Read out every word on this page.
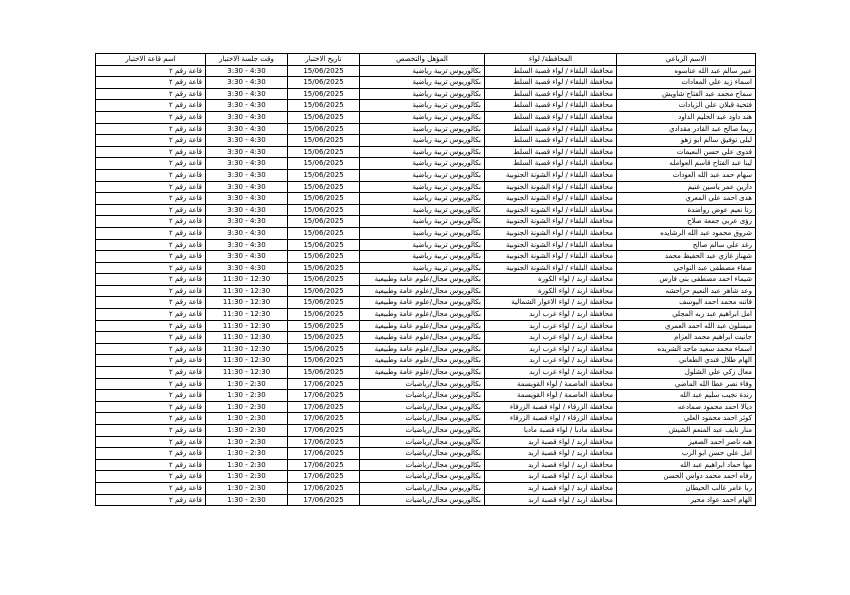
اسم قاعة الاختبار	وقت جلسة الاختبار	تاريخ الاختبار	المؤهل والتخصص	المحافظة/ لواء	الاسم الرباعي
قاعة رقم ٢	3:30 - 4:30	15/06/2025	بكالوريوس تربية رياضية	محافظة البلقاء / لواء قصبة السلط	عبير سالم عبد الله عناسوه
قاعة رقم ٢	3:30 - 4:30	15/06/2025	بكالوريوس تربية رياضية	محافظة البلقاء / لواء قصبة السلط	اسماء زيد علي المعادات
قاعة رقم ٢	3:30 - 4:30	15/06/2025	بكالوريوس تربية رياضية	محافظة البلقاء / لواء قصبة السلط	سماح محمد عبد الفتاح شاويش
قاعة رقم ٢	3:30 - 4:30	15/06/2025	بكالوريوس تربية رياضية	محافظة البلقاء / لواء قصبة السلط	فتحية قبلان علي الزيادات
قاعة رقم ٢	3:30 - 4:30	15/06/2025	بكالوريوس تربية رياضية	محافظة البلقاء / لواء قصبة السلط	هند داود عبد الحليم الداود
قاعة رقم ٢	3:30 - 4:30	15/06/2025	بكالوريوس تربية رياضية	محافظة البلقاء / لواء قصبة السلط	ريما صالح عبد القادر مقدادي
قاعة رقم ٢	3:30 - 4:30	15/06/2025	بكالوريوس تربية رياضية	محافظة البلقاء / لواء قصبة السلط	ليلى توفيق سالم ابو زهو
قاعة رقم ٢	3:30 - 4:30	15/06/2025	بكالوريوس تربية رياضية	محافظة البلقاء / لواء قصبة السلط	فدوى علي حسن النعيمات
قاعة رقم ٢	3:30 - 4:30	15/06/2025	بكالوريوس تربية رياضية	محافظة البلقاء / لواء قصبة السلط	لينا عبد الفتاح قاسم العوامله
قاعة رقم ٢	3:30 - 4:30	15/06/2025	بكالوريوس تربية رياضية	محافظة البلقاء / لواء الشونة الجنوبية	سهام حمد عبد الله العودات
قاعة رقم ٢	3:30 - 4:30	15/06/2025	بكالوريوس تربية رياضية	محافظة البلقاء / لواء الشونة الجنوبية	دارين عمر ياسين غنيم
قاعة رقم ٢	3:30 - 4:30	15/06/2025	بكالوريوس تربية رياضية	محافظة البلقاء / لواء الشونة الجنوبية	هدى احمد علي المعري
قاعة رقم ٢	3:30 - 4:30	15/06/2025	بكالوريوس تربية رياضية	محافظة البلقاء / لواء الشونة الجنوبية	رنا نعيم عوض رواضدة
قاعة رقم ٢	3:30 - 4:30	15/06/2025	بكالوريوس تربية رياضية	محافظة البلقاء / لواء الشونة الجنوبية	رؤى عربي جمعة صلاح
قاعة رقم ٢	3:30 - 4:30	15/06/2025	بكالوريوس تربية رياضية	محافظة البلقاء / لواء الشونة الجنوبية	شروق محمود عبد الله الرشايده
قاعة رقم ٢	3:30 - 4:30	15/06/2025	بكالوريوس تربية رياضية	محافظة البلقاء / لواء الشونة الجنوبية	رغد علي سالم صالح
قاعة رقم ٢	3:30 - 4:30	15/06/2025	بكالوريوس تربية رياضية	محافظة البلقاء / لواء الشونة الجنوبية	شهناز غازي عبد الحفيظ محمد
قاعة رقم ٢	3:30 - 4:30	15/06/2025	بكالوريوس تربية رياضية	محافظة البلقاء / لواء الشونة الجنوبية	صفاء مصطفى عبد النواجي
قاعة رقم ٢	11:30 - 12:30	15/06/2025	بكالوريوس مجال/علوم عامة وطبيعية	محافظة اربد / لواء الكورة	شيماء احمد مصطفى بني فارس
قاعة رقم ٢	11:30 - 12:30	15/06/2025	بكالوريوس مجال/علوم عامة وطبيعية	محافظة اربد / لواء الكورة	وعد شاهر عبد النعيم حراحشه
قاعة رقم ٢	11:30 - 12:30	15/06/2025	بكالوريوس مجال/علوم عامة وطبيعية	محافظة اربد / لواء الاغوار الشمالية	فاتنه محمد احمد اليوسف
قاعة رقم ٢	11:30 - 12:30	15/06/2025	بكالوريوس مجال/علوم عامة وطبيعية	محافظة اربد / لواء غرب اربد	امل ابراهيم عبد ربه المجلي
قاعة رقم ٢	11:30 - 12:30	15/06/2025	بكالوريوس مجال/علوم عامة وطبيعية	محافظة اربد / لواء غرب اربد	ميسلون عبد الله احمد العمري
قاعة رقم ٢	11:30 - 12:30	15/06/2025	بكالوريوس مجال/علوم عامة وطبيعية	محافظة اربد / لواء غرب اربد	جانيت ابراهيم محمد العزام
قاعة رقم ٢	11:30 - 12:30	15/06/2025	بكالوريوس مجال/علوم عامة وطبيعية	محافظة اربد / لواء غرب اربد	اسماء محمد سعيد ماجد الشريده
قاعة رقم ٢	11:30 - 12:30	15/06/2025	بكالوريوس مجال/علوم عامة وطبيعية	محافظة اربد / لواء غرب اربد	الهام طلال فندي الطعاني
قاعة رقم ٢	11:30 - 12:30	15/06/2025	بكالوريوس مجال/علوم عامة وطبيعية	محافظة اربد / لواء غرب اربد	معال زكي علي الشلول
قاعة رقم ٢	1:30 - 2:30	17/06/2025	بكالوريوس مجال/رياضيات	محافظة العاصمة / لواء القويسمة	وفاء نصر عطا الله الماضي
قاعة رقم ٢	1:30 - 2:30	17/06/2025	بكالوريوس مجال/رياضيات	محافظة العاصمة / لواء القويسمة	رندة نجيب سليم عبد الله
قاعة رقم ٢	1:30 - 2:30	17/06/2025	بكالوريوس مجال/رياضيات	محافظة الزرقاء / لواء قصبة الزرقاء	ديالا احمد محمود صمادعه
قاعة رقم ٢	1:30 - 2:30	17/06/2025	بكالوريوس مجال/رياضيات	محافظة الزرقاء / لواء قصبة الزرقاء	كوثر احمد محمود العلي
قاعة رقم ٢	1:30 - 2:30	17/06/2025	بكالوريوس مجال/رياضيات	محافظة مادبا / لواء قصبة مادبا	منار نايف عبد المنعم الشيش
قاعة رقم ٢	1:30 - 2:30	17/06/2025	بكالوريوس مجال/رياضيات	محافظة اربد / لواء قصبة اربد	هبه ناصر احمد الصغير
قاعة رقم ٢	1:30 - 2:30	17/06/2025	بكالوريوس مجال/رياضيات	محافظة اربد / لواء قصبة اربد	امل علي حسن ابو الرب
قاعة رقم ٢	1:30 - 2:30	17/06/2025	بكالوريوس مجال/رياضيات	محافظة اربد / لواء قصبة اربد	مها حماد ابراهيم عبد الله
قاعة رقم ٢	1:30 - 2:30	17/06/2025	بكالوريوس مجال/رياضيات	محافظة اربد / لواء قصبة اربد	رفاه احمد محمد دواس الحسن
قاعة رقم ٢	1:30 - 2:30	17/06/2025	بكالوريوس مجال/رياضيات	محافظة اربد / لواء قصبة اربد	ربا عامر غالب الحيطان
قاعة رقم ٢	1:30 - 2:30	17/06/2025	بكالوريوس مجال/رياضيات	محافظة اربد / لواء قصبة اربد	الهام احمد عواد محير
